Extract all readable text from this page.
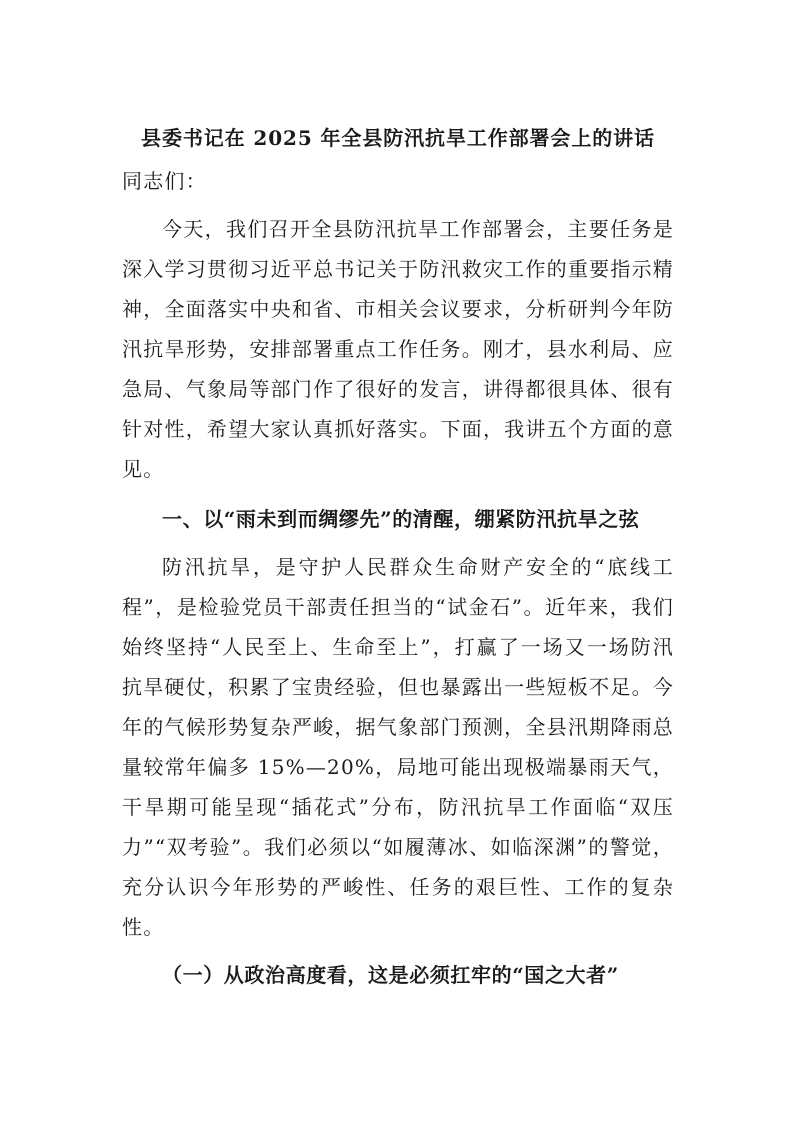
县委书记在 2025 年全县防汛抗旱工作部署会上的讲话

同志们：

今天，我们召开全县防汛抗旱工作部署会，主要任务是深入学习贯彻习近平总书记关于防汛救灾工作的重要指示精神，全面落实中央和省、市相关会议要求，分析研判今年防汛抗旱形势，安排部署重点工作任务。刚才，县水利局、应急局、气象局等部门作了很好的发言，讲得都很具体、很有针对性，希望大家认真抓好落实。下面，我讲五个方面的意见。

一、以“雨未到而绸缪先”的清醒，绷紧防汛抗旱之弦

防汛抗旱，是守护人民群众生命财产安全的“底线工程”，是检验党员干部责任担当的“试金石”。近年来，我们始终坚持“人民至上、生命至上”，打赢了一场又一场防汛抗旱硬仗，积累了宝贵经验，但也暴露出一些短板不足。今年的气候形势复杂严峻，据气象部门预测，全县汛期降雨总量较常年偏多 15%—20%，局地可能出现极端暴雨天气，干旱期可能呈现“插花式”分布，防汛抗旱工作面临“双压力”“双考验”。我们必须以“如履薄冰、如临深渊”的警觉，充分认识今年形势的严峻性、任务的艰巨性、工作的复杂性。

（一）从政治高度看，这是必须扛牢的“国之大者”
